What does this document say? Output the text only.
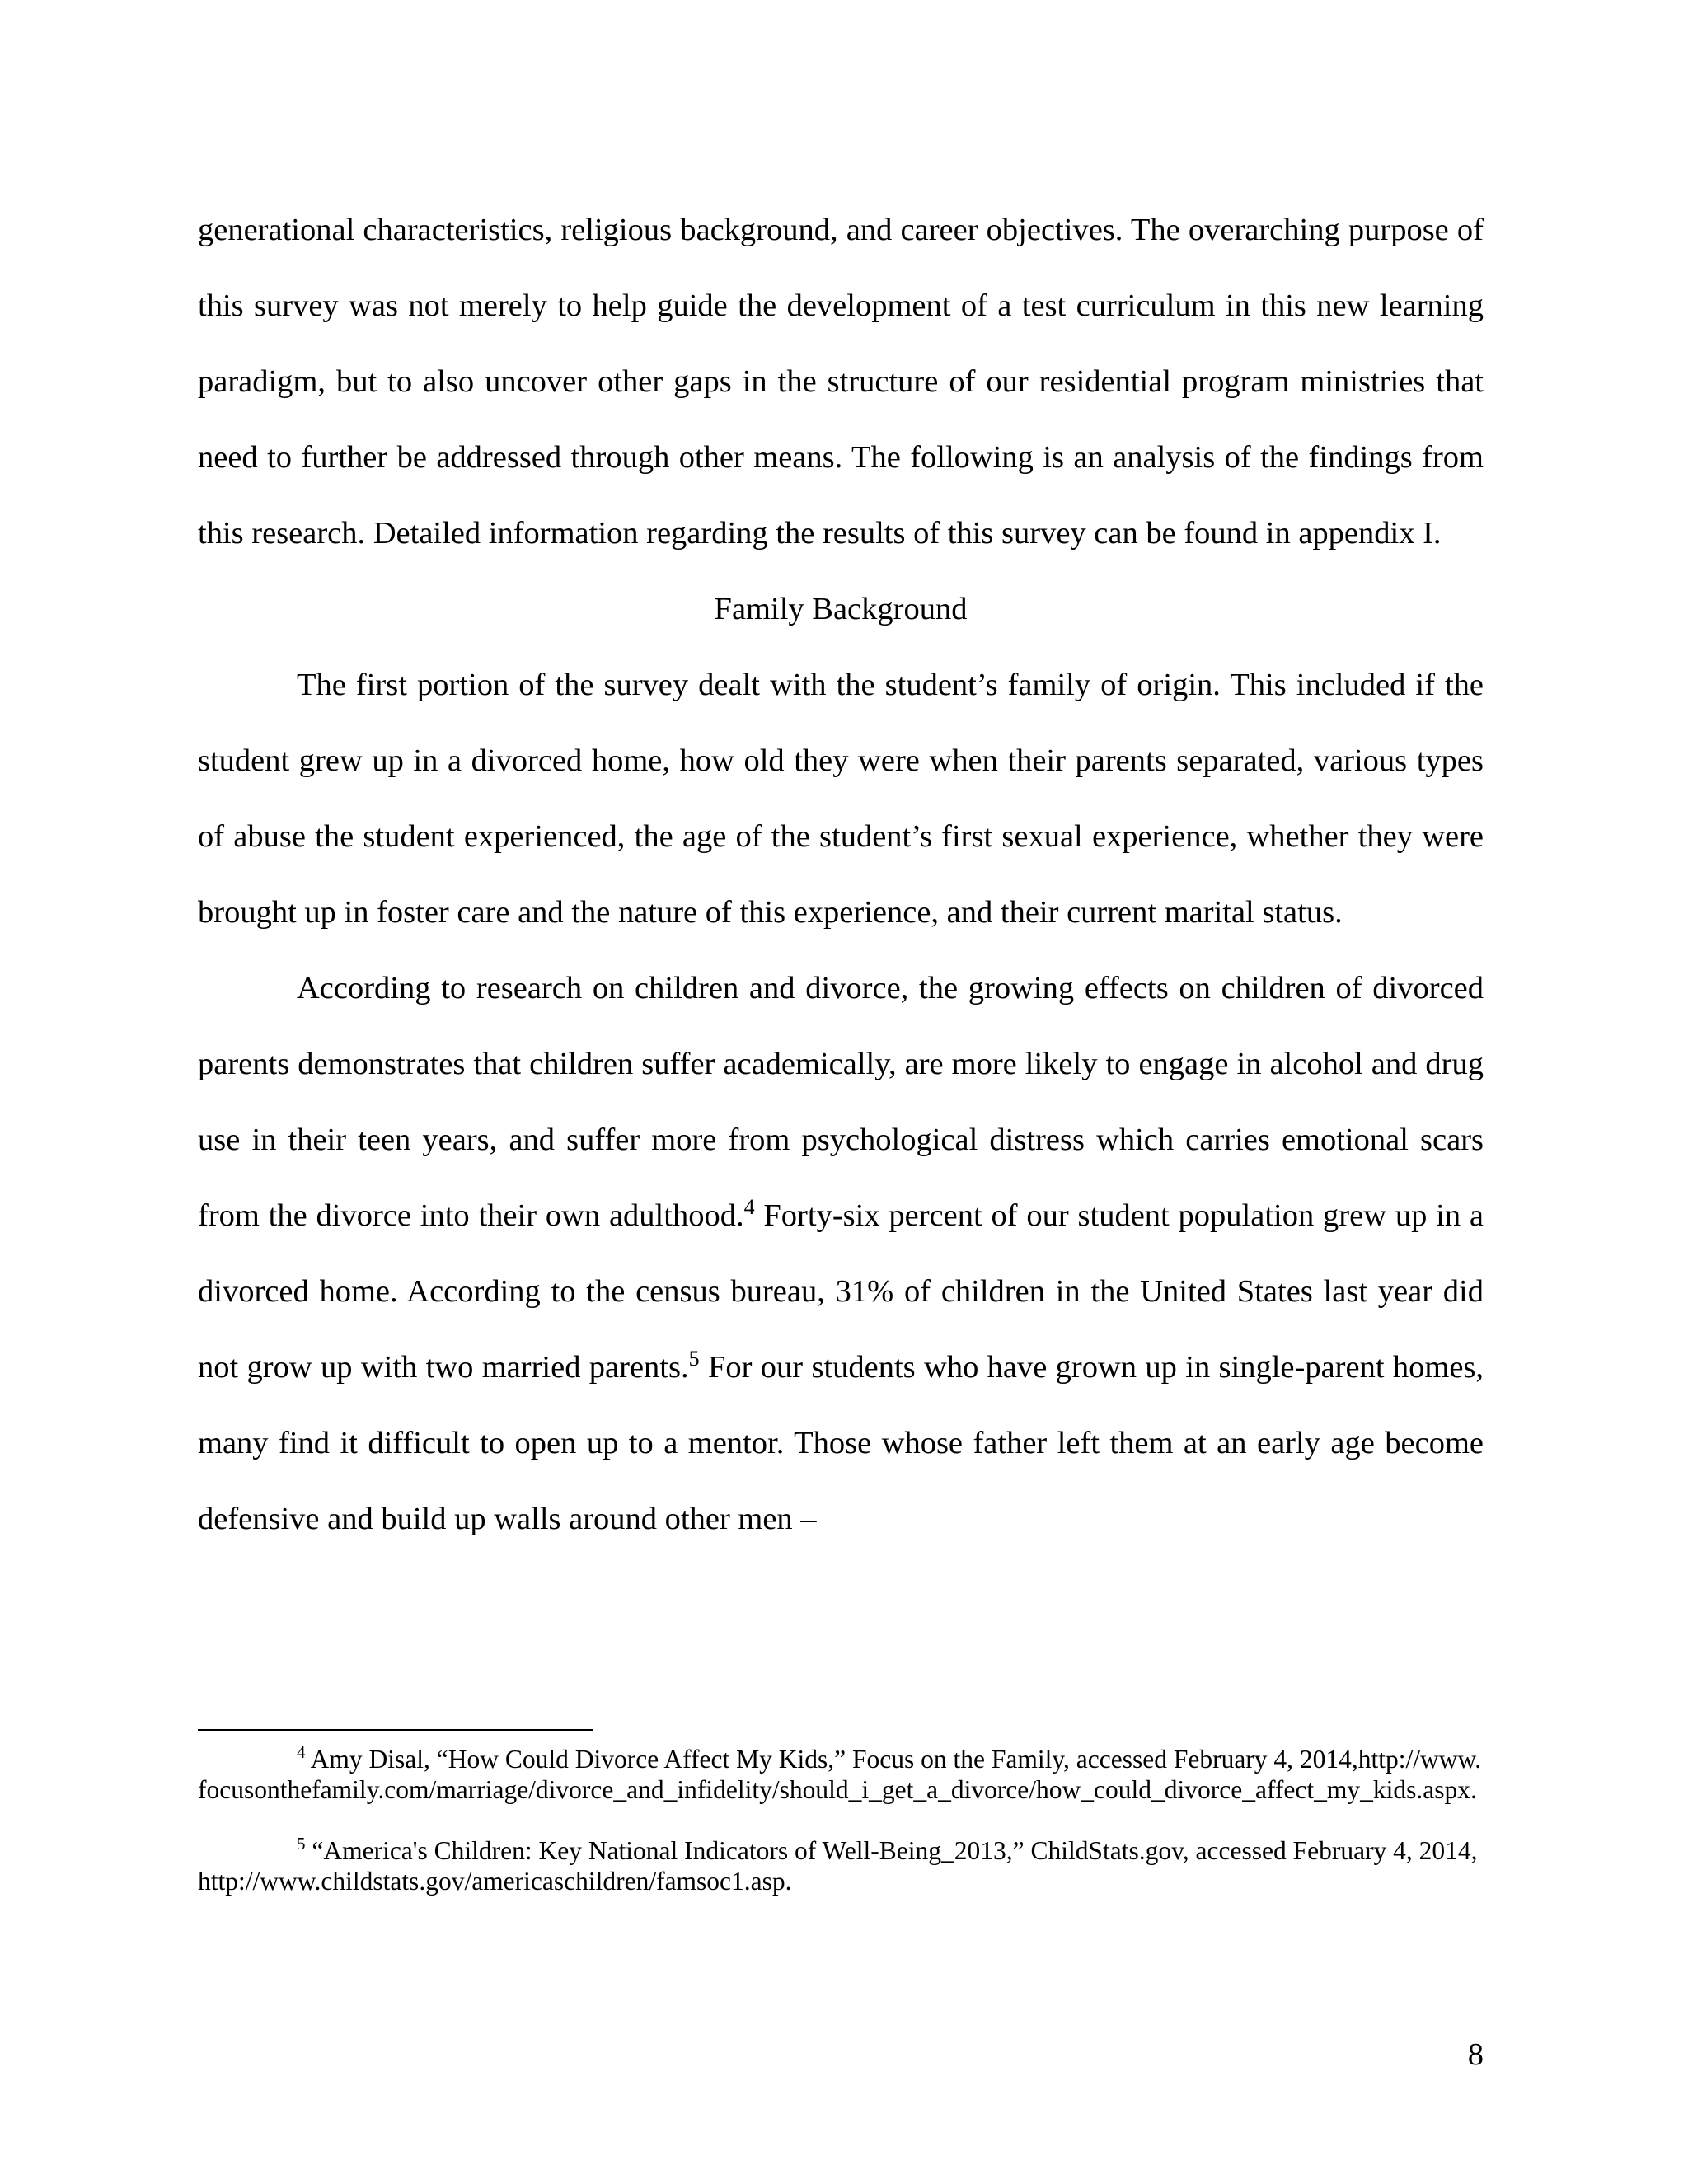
generational characteristics, religious background, and career objectives. The overarching purpose of this survey was not merely to help guide the development of a test curriculum in this new learning paradigm, but to also uncover other gaps in the structure of our residential program ministries that need to further be addressed through other means. The following is an analysis of the findings from this research. Detailed information regarding the results of this survey can be found in appendix I.

Family Background

The first portion of the survey dealt with the student’s family of origin. This included if the student grew up in a divorced home, how old they were when their parents separated, various types of abuse the student experienced, the age of the student’s first sexual experience, whether they were brought up in foster care and the nature of this experience, and their current marital status.

According to research on children and divorce, the growing effects on children of divorced parents demonstrates that children suffer academically, are more likely to engage in alcohol and drug use in their teen years, and suffer more from psychological distress which carries emotional scars from the divorce into their own adulthood.$^4$ Forty-six percent of our student population grew up in a divorced home. According to the census bureau, 31% of children in the United States last year did not grow up with two married parents.$^5$ For our students who have grown up in single-parent homes, many find it difficult to open up to a mentor. Those whose father left them at an early age become defensive and build up walls around other men –

$^4$ Amy Disal, “How Could Divorce Affect My Kids,” Focus on the Family, accessed February 4, 2014,http://www.focusonthefamily.com/marriage/divorce_and_infidelity/should_i_get_a_divorce/how_could_divorce_affect_my_kids.aspx.

$^5$ “America's Children: Key National Indicators of Well-Being_2013,” ChildStats.gov, accessed February 4, 2014, http://www.childstats.gov/americaschildren/famsoc1.asp.

8
